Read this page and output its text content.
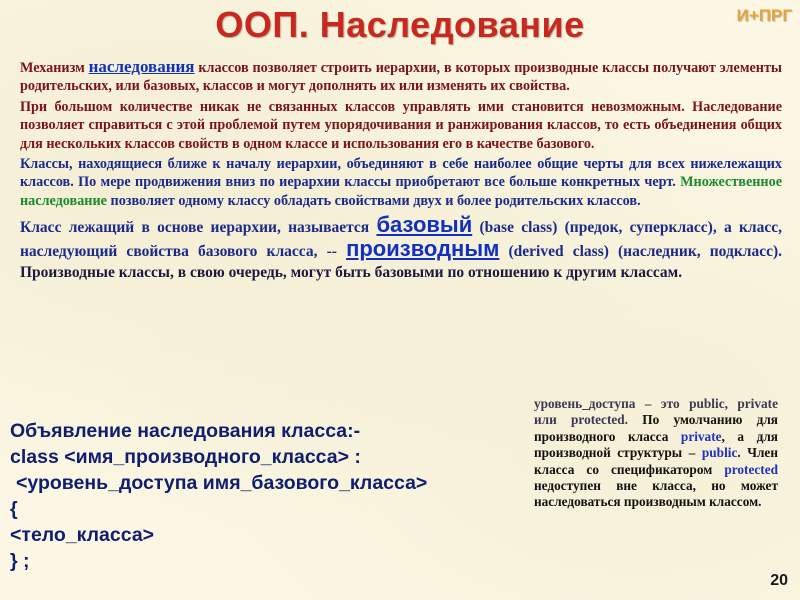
ООП. Наследование	И+ПРГ

Механизм наследования классов позволяет строить иерархии, в которых производные классы получают элементы родительских, или базовых, классов и могут дополнять их или изменять их свойства.

При большом количестве никак не связанных классов управлять ими становится невозможным. Наследование позволяет справиться с этой проблемой путем упорядочивания и ранжирования классов, то есть объединения общих для нескольких классов свойств в одном классе и использования его в качестве базового.

Классы, находящиеся ближе к началу иерархии, объединяют в себе наиболее общие черты для всех нижележащих классов. По мере продвижения вниз по иерархии классы приобретают все больше конкретных черт. Множественное наследование позволяет одному классу обладать свойствами двух и более родительских классов.

Класс лежащий в основе иерархии, называется базовый (base class) (предок, суперкласс), а класс, наследующий свойства базового класса, -- производным (derived class) (наследник, подкласс). Производные классы, в свою очередь, могут быть базовыми по отношению к другим классам.

Объявление наследования класса:-
class <имя_производного_класса> :
<уровень_доступа имя_базового_класса>
{
<тело_класса>
} ;
уровень_доступа – это public, private или protected. По умолчанию для производного класса private, а для производной структуры – public. Член класса со спецификатором protected недоступен вне класса, но может наследоваться производным классом.
20
